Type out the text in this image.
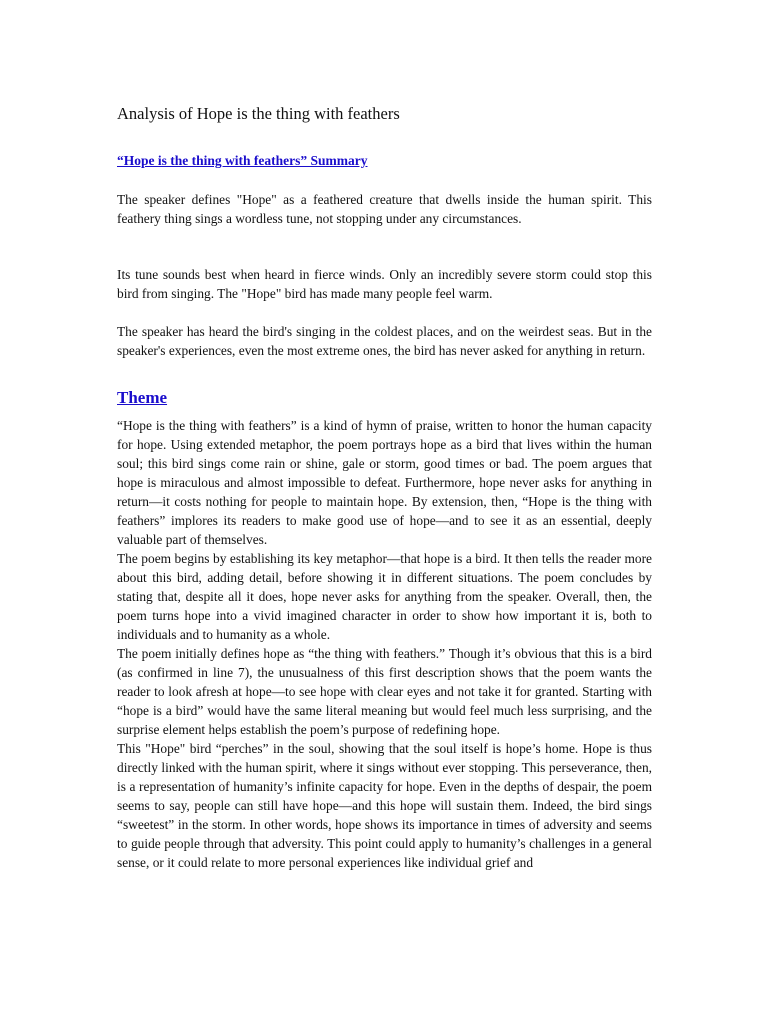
Analysis of Hope is the thing with feathers
“Hope is the thing with feathers” Summary

The speaker defines "Hope" as a feathered creature that dwells inside the human spirit. This feathery thing sings a wordless tune, not stopping under any circumstances.

Its tune sounds best when heard in fierce winds. Only an incredibly severe storm could stop this bird from singing. The "Hope" bird has made many people feel warm.

The speaker has heard the bird's singing in the coldest places, and on the weirdest seas. But in the speaker's experiences, even the most extreme ones, the bird has never asked for anything in return.

Theme

“Hope is the thing with feathers” is a kind of hymn of praise, written to honor the human capacity for hope. Using extended metaphor, the poem portrays hope as a bird that lives within the human soul; this bird sings come rain or shine, gale or storm, good times or bad. The poem argues that hope is miraculous and almost impossible to defeat. Furthermore, hope never asks for anything in return—it costs nothing for people to maintain hope. By extension, then, “Hope is the thing with feathers” implores its readers to make good use of hope—and to see it as an essential, deeply valuable part of themselves.

The poem begins by establishing its key metaphor—that hope is a bird. It then tells the reader more about this bird, adding detail, before showing it in different situations. The poem concludes by stating that, despite all it does, hope never asks for anything from the speaker. Overall, then, the poem turns hope into a vivid imagined character in order to show how important it is, both to individuals and to humanity as a whole.

The poem initially defines hope as “the thing with feathers.” Though it’s obvious that this is a bird (as confirmed in line 7), the unusualness of this first description shows that the poem wants the reader to look afresh at hope—to see hope with clear eyes and not take it for granted. Starting with “hope is a bird” would have the same literal meaning but would feel much less surprising, and the surprise element helps establish the poem’s purpose of redefining hope.

This "Hope" bird “perches” in the soul, showing that the soul itself is hope’s home. Hope is thus directly linked with the human spirit, where it sings without ever stopping. This perseverance, then, is a representation of humanity’s infinite capacity for hope. Even in the depths of despair, the poem seems to say, people can still have hope—and this hope will sustain them. Indeed, the bird sings “sweetest” in the storm. In other words, hope shows its importance in times of adversity and seems to guide people through that adversity. This point could apply to humanity’s challenges in a general sense, or it could relate to more personal experiences like individual grief and
